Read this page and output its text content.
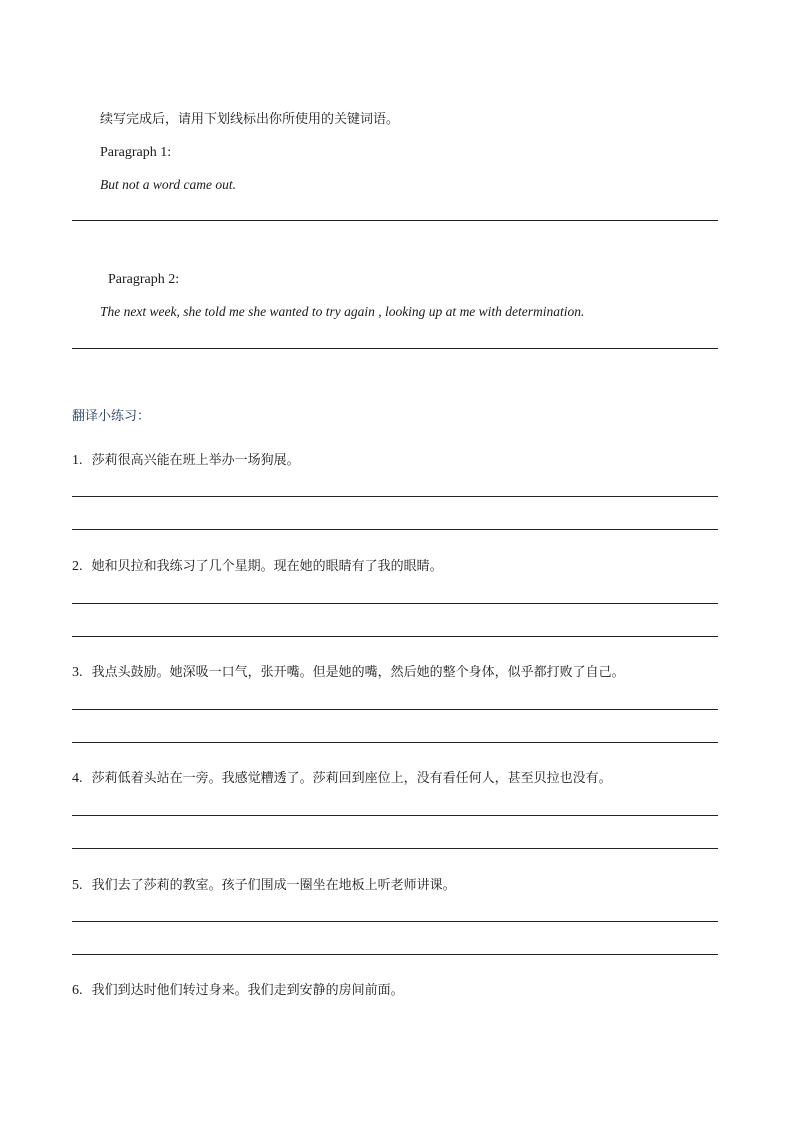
续写完成后，请用下划线标出你所使用的关键词语。
Paragraph 1:
But not a word came out.
Paragraph 2:
The next week, she told me she wanted to try again , looking up at me with determination.
翻译小练习：
1. 莎莉很高兴能在班上举办一场狗展。
2. 她和贝拉和我练习了几个星期。现在她的眼睛有了我的眼睛。
3. 我点头鼓励。她深吸一口气，张开嘴。但是她的嘴，然后她的整个身体，似乎都打败了自己。
4. 莎莉低着头站在一旁。我感觉糟透了。莎莉回到座位上，没有看任何人，甚至贝拉也没有。
5. 我们去了莎莉的教室。孩子们围成一圈坐在地板上听老师讲课。
6. 我们到达时他们转过身来。我们走到安静的房间前面。
